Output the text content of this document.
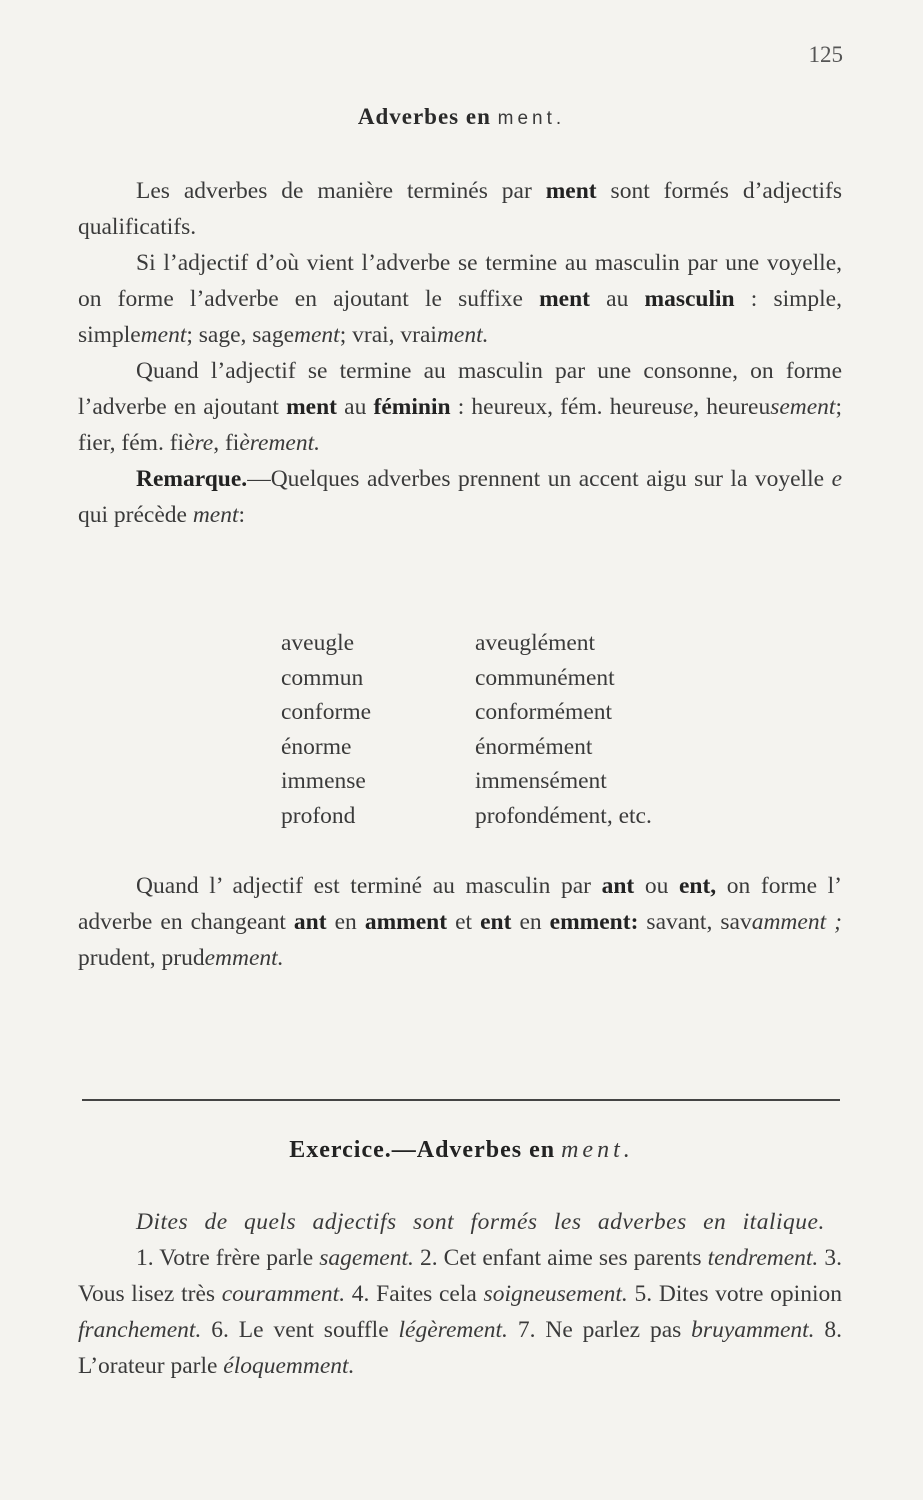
125
Adverbes en ment.

Les adverbes de manière terminés par ment sont formés d’adjectifs qualificatifs.

Si l’adjectif d’où vient l’adverbe se termine au masculin par une voyelle, on forme l’adverbe en ajoutant le suffixe ment au masculin : simple, simplement; sage, sagement; vrai, vraiment.

Quand l’adjectif se termine au masculin par une consonne, on forme l’adverbe en ajoutant ment au féminin : heureux, fém. heureuse, heureusement; fier, fém. fière, fièrement.

Remarque.—Quelques adverbes prennent un accent aigu sur la voyelle e qui précède ment:

aveugle	aveuglément
commun	communément
conforme	conformément
énorme	énormément
immense	immensément
profond	profondément, etc.

Quand l’ adjectif est terminé au masculin par ant ou ent, on forme l’ adverbe en changeant ant en amment et ent en emment: savant, savamment ; prudent, prudemment.

Exercice.—Adverbes en ment.

Dites de quels adjectifs sont formés les adverbes en italique.

1. Votre frère parle sagement. 2. Cet enfant aime ses parents tendrement. 3. Vous lisez très couramment. 4. Faites cela soigneusement. 5. Dites votre opinion franchement. 6. Le vent souffle légèrement. 7. Ne parlez pas bruyamment. 8. L’orateur parle éloquemment.
